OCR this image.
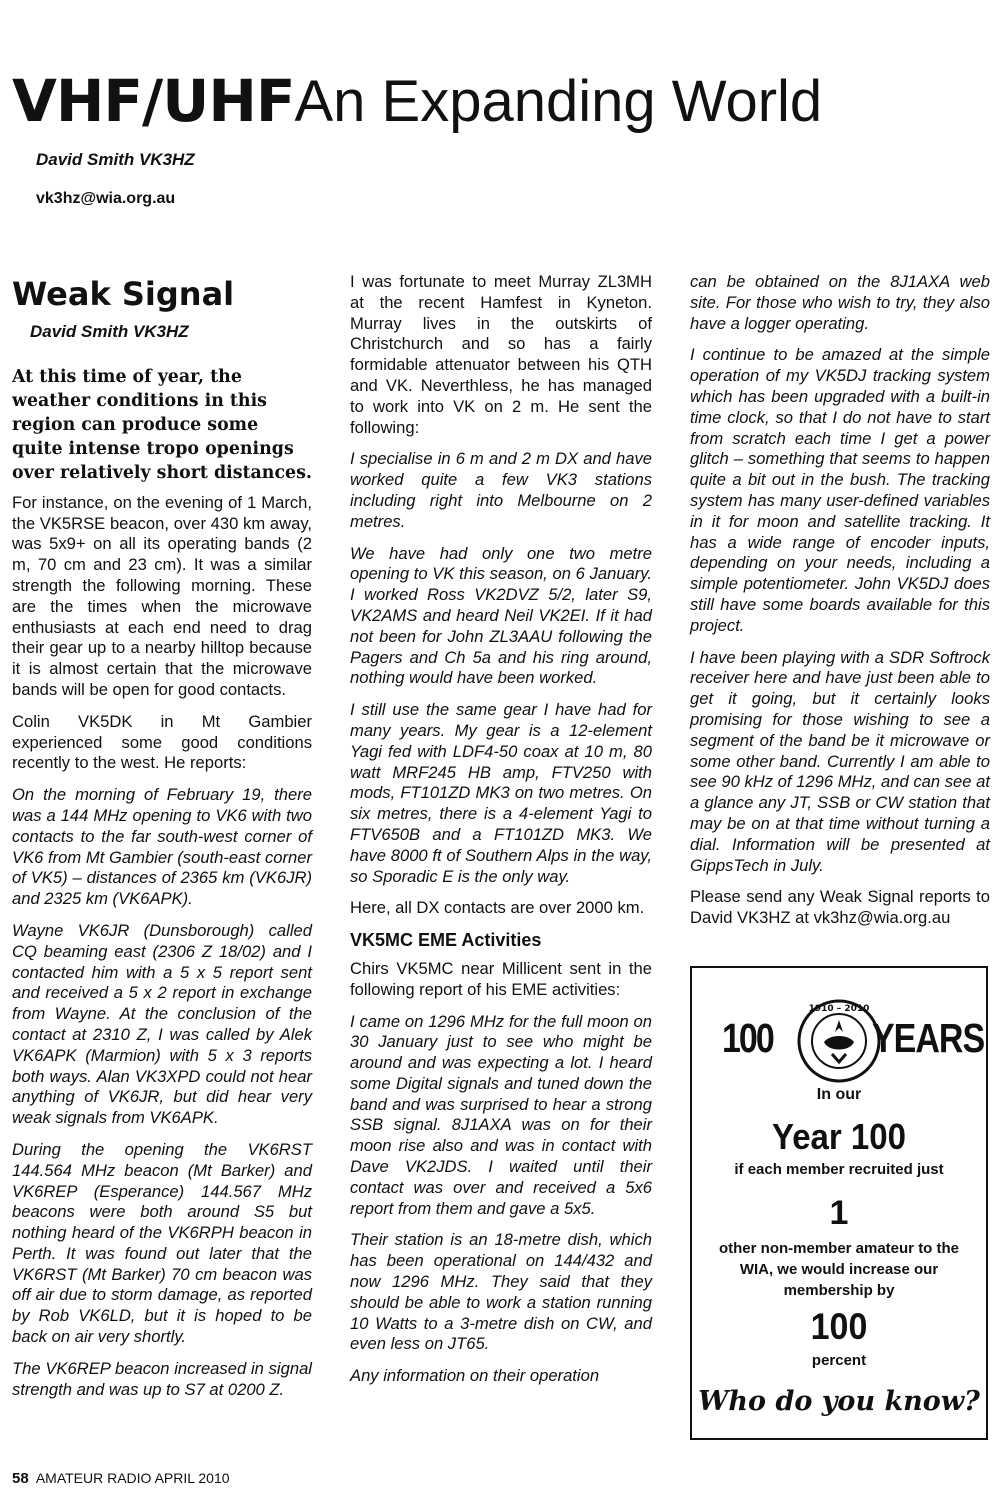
VHF/UHFAn Expanding World
David Smith VK3HZ
vk3hz@wia.org.au
Weak Signal
David Smith VK3HZ

At this time of year, the weather conditions in this region can produce some quite intense tropo openings over relatively short distances.

For instance, on the evening of 1 March, the VK5RSE beacon, over 430 km away, was 5x9+ on all its operating bands (2 m, 70 cm and 23 cm). It was a similar strength the following morning. These are the times when the microwave enthusiasts at each end need to drag their gear up to a nearby hilltop because it is almost certain that the microwave bands will be open for good contacts.

Colin VK5DK in Mt Gambier experienced some good conditions recently to the west. He reports:

On the morning of February 19, there was a 144 MHz opening to VK6 with two contacts to the far south-west corner of VK6 from Mt Gambier (south-east corner of VK5) – distances of 2365 km (VK6JR) and 2325 km (VK6APK).

Wayne VK6JR (Dunsborough) called CQ beaming east (2306 Z 18/02) and I contacted him with a 5 x 5 report sent and received a 5 x 2 report in exchange from Wayne. At the conclusion of the contact at 2310 Z, I was called by Alek VK6APK (Marmion) with 5 x 3 reports both ways. Alan VK3XPD could not hear anything of VK6JR, but did hear very weak signals from VK6APK.

During the opening the VK6RST 144.564 MHz beacon (Mt Barker) and VK6REP (Esperance) 144.567 MHz beacons were both around S5 but nothing heard of the VK6RPH beacon in Perth. It was found out later that the VK6RST (Mt Barker) 70 cm beacon was off air due to storm damage, as reported by Rob VK6LD, but it is hoped to be back on air very shortly.

The VK6REP beacon increased in signal strength and was up to S7 at 0200 Z.

I was fortunate to meet Murray ZL3MH at the recent Hamfest in Kyneton. Murray lives in the outskirts of Christchurch and so has a fairly formidable attenuator between his QTH and VK. Neverthless, he has managed to work into VK on 2 m. He sent the following:

I specialise in 6 m and 2 m DX and have worked quite a few VK3 stations including right into Melbourne on 2 metres.

We have had only one two metre opening to VK this season, on 6 January. I worked Ross VK2DVZ 5/2, later S9, VK2AMS and heard Neil VK2EI. If it had not been for John ZL3AAU following the Pagers and Ch 5a and his ring around, nothing would have been worked.

I still use the same gear I have had for many years. My gear is a 12-element Yagi fed with LDF4-50 coax at 10 m, 80 watt MRF245 HB amp, FTV250 with mods, FT101ZD MK3 on two metres. On six metres, there is a 4-element Yagi to FTV650B and a FT101ZD MK3. We have 8000 ft of Southern Alps in the way, so Sporadic E is the only way.

Here, all DX contacts are over 2000 km.

VK5MC EME Activities

Chirs VK5MC near Millicent sent in the following report of his EME activities:

I came on 1296 MHz for the full moon on 30 January just to see who might be around and was expecting a lot. I heard some Digital signals and tuned down the band and was surprised to hear a strong SSB signal. 8J1AXA was on for their moon rise also and was in contact with Dave VK2JDS. I waited until their contact was over and received a 5x6 report from them and gave a 5x5.

Their station is an 18-metre dish, which has been operational on 144/432 and now 1296 MHz. They said that they should be able to work a station running 10 Watts to a 3-metre dish on CW, and even less on JT65.

Any information on their operation

can be obtained on the 8J1AXA web site. For those who wish to try, they also have a logger operating.

I continue to be amazed at the simple operation of my VK5DJ tracking system which has been upgraded with a built-in time clock, so that I do not have to start from scratch each time I get a power glitch – something that seems to happen quite a bit out in the bush. The tracking system has many user-defined variables in it for moon and satellite tracking. It has a wide range of encoder inputs, depending on your needs, including a simple potentiometer. John VK5DJ does still have some boards available for this project.

I have been playing with a SDR Softrock receiver here and have just been able to get it going, but it certainly looks promising for those wishing to see a segment of the band be it microwave or some other band. Currently I am able to see 90 kHz of 1296 MHz, and can see at a glance any JT, SSB or CW station that may be on at that time without turning a dial. Information will be presented at GippsTech in July.

Please send any Weak Signal reports to David VK3HZ at vk3hz@wia.org.au

100
1910 – 2010
YEARS
In our
Year 100
if each member recruited just
1
other non-member amateur to the WIA, we would increase our membership by
100
percent
Who do you know?
58 AMATEUR RADIO APRIL 2010
